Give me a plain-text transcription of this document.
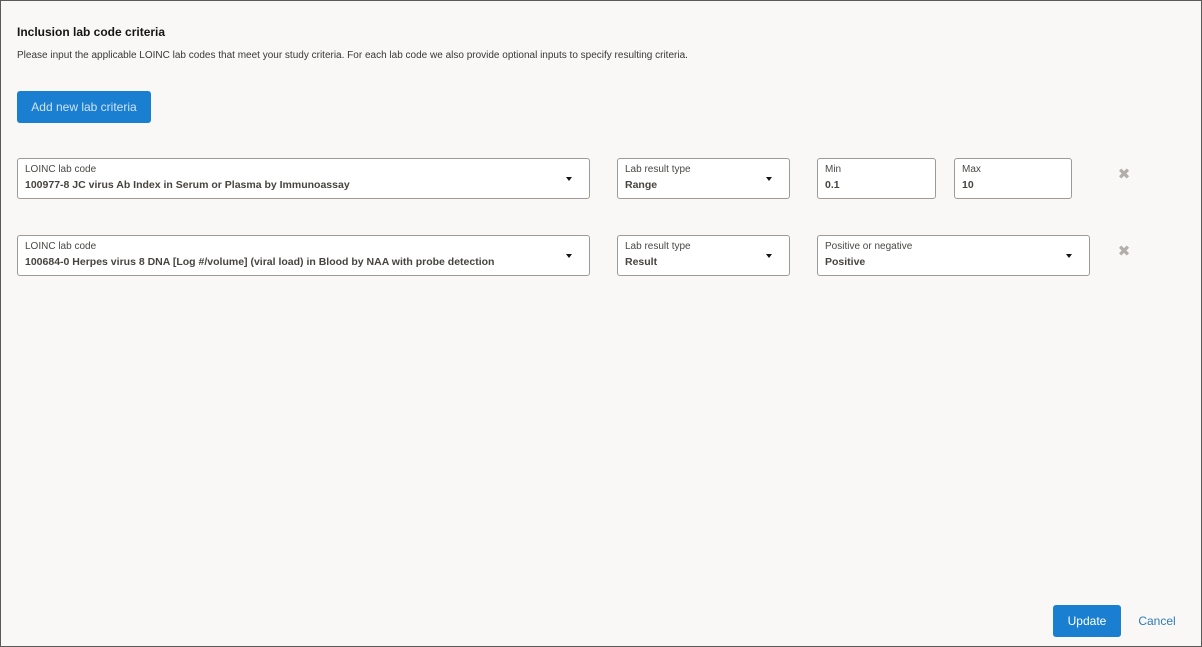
Inclusion lab code criteria
Please input the applicable LOINC lab codes that meet your study criteria. For each lab code we also provide optional inputs to specify resulting criteria.
Add new lab criteria
LOINC lab code
100977-8 JC virus Ab Index in Serum or Plasma by Immunoassay
Lab result type
Range
Min
0.1
Max
10
✖
LOINC lab code
100684-0 Herpes virus 8 DNA [Log #/volume] (viral load) in Blood by NAA with probe detection
Lab result type
Result
Positive or negative
Positive
✖
Update	Cancel
